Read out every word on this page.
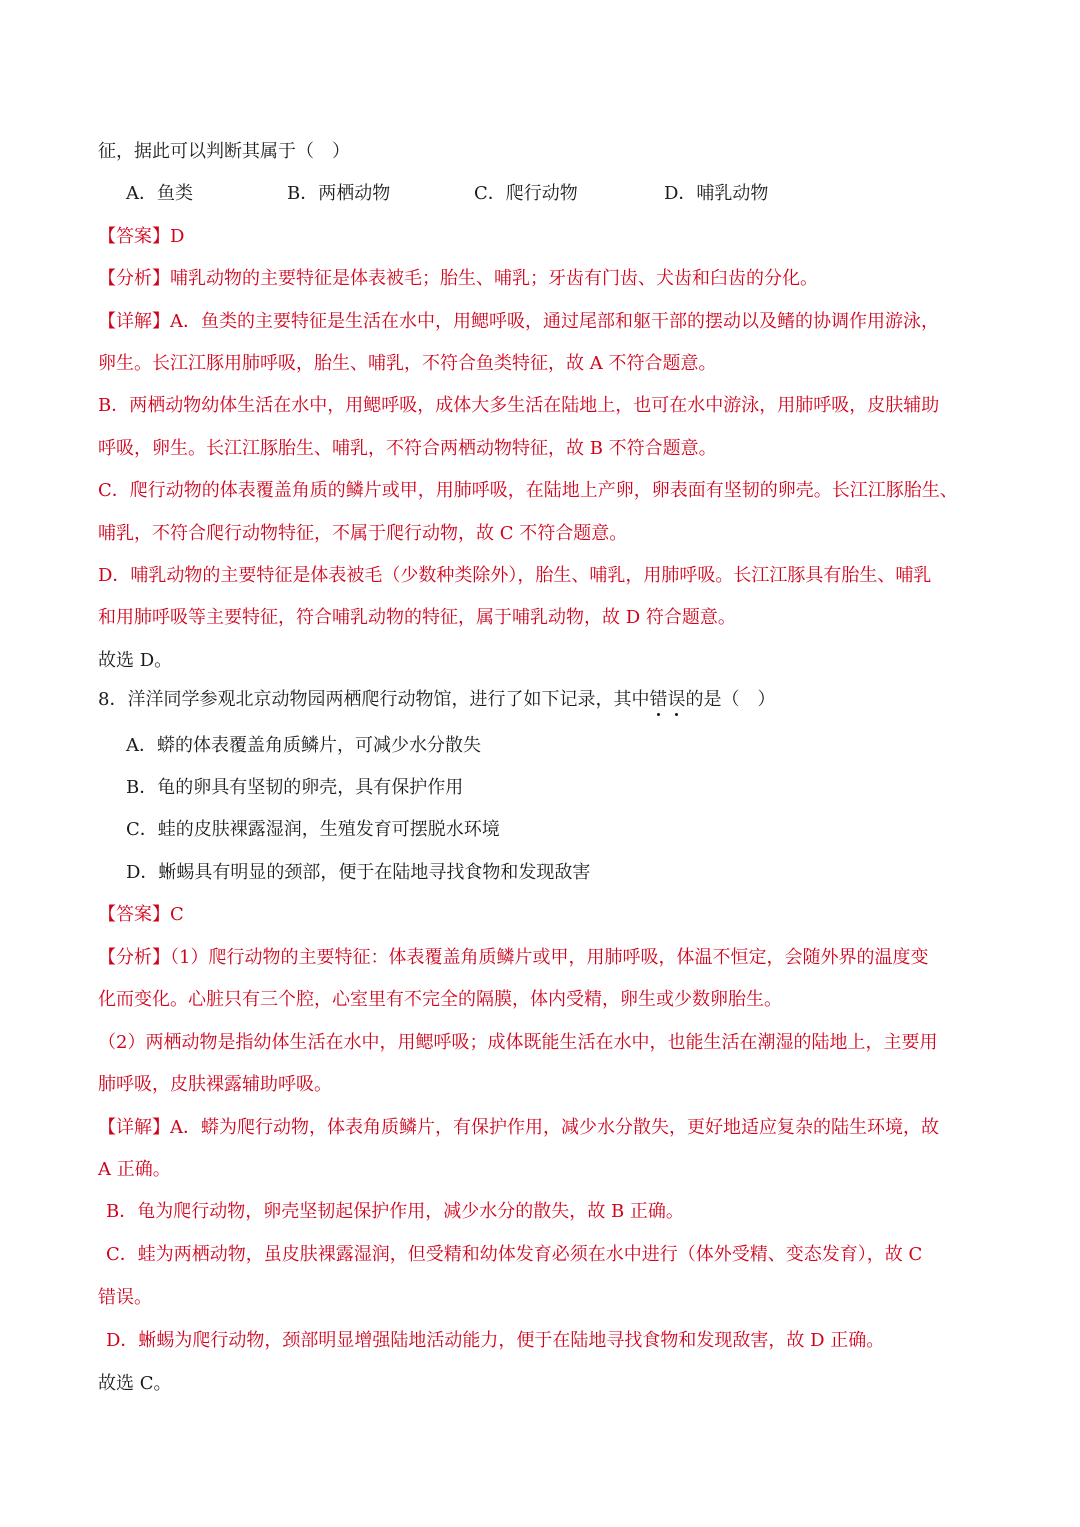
征，据此可以判断其属于（　）
A．鱼类	B．两栖动物	C．爬行动物	D．哺乳动物
【答案】D
【分析】哺乳动物的主要特征是体表被毛；胎生、哺乳；牙齿有门齿、犬齿和臼齿的分化。
【详解】A．鱼类的主要特征是生活在水中，用鳃呼吸，通过尾部和躯干部的摆动以及鳍的协调作用游泳，
卵生。长江江豚用肺呼吸，胎生、哺乳，不符合鱼类特征，故 A 不符合题意。
B．两栖动物幼体生活在水中，用鳃呼吸，成体大多生活在陆地上，也可在水中游泳，用肺呼吸，皮肤辅助
呼吸，卵生。长江江豚胎生、哺乳，不符合两栖动物特征，故 B 不符合题意。
C．爬行动物的体表覆盖角质的鳞片或甲，用肺呼吸，在陆地上产卵，卵表面有坚韧的卵壳。长江江豚胎生、
哺乳，不符合爬行动物特征，不属于爬行动物，故 C 不符合题意。
D．哺乳动物的主要特征是体表被毛（少数种类除外），胎生、哺乳，用肺呼吸。长江江豚具有胎生、哺乳
和用肺呼吸等主要特征，符合哺乳动物的特征，属于哺乳动物，故 D 符合题意。
故选 D。
8．洋洋同学参观北京动物园两栖爬行动物馆，进行了如下记录，其中错误的是（　）
A．蟒的体表覆盖角质鳞片，可减少水分散失
B．龟的卵具有坚韧的卵壳，具有保护作用
C．蛙的皮肤裸露湿润，生殖发育可摆脱水环境
D．蜥蜴具有明显的颈部，便于在陆地寻找食物和发现敌害
【答案】C
【分析】（1）爬行动物的主要特征：体表覆盖角质鳞片或甲，用肺呼吸，体温不恒定，会随外界的温度变
化而变化。心脏只有三个腔，心室里有不完全的隔膜，体内受精，卵生或少数卵胎生。
（2）两栖动物是指幼体生活在水中，用鳃呼吸；成体既能生活在水中，也能生活在潮湿的陆地上，主要用
肺呼吸，皮肤裸露辅助呼吸。
【详解】A．蟒为爬行动物，体表角质鳞片，有保护作用，减少水分散失，更好地适应复杂的陆生环境，故
A 正确。
B．龟为爬行动物，卵壳坚韧起保护作用，减少水分的散失，故 B 正确。
C．蛙为两栖动物，虽皮肤裸露湿润，但受精和幼体发育必须在水中进行（体外受精、变态发育），故 C
错误。
D．蜥蜴为爬行动物，颈部明显增强陆地活动能力，便于在陆地寻找食物和发现敌害，故 D 正确。
故选 C。
